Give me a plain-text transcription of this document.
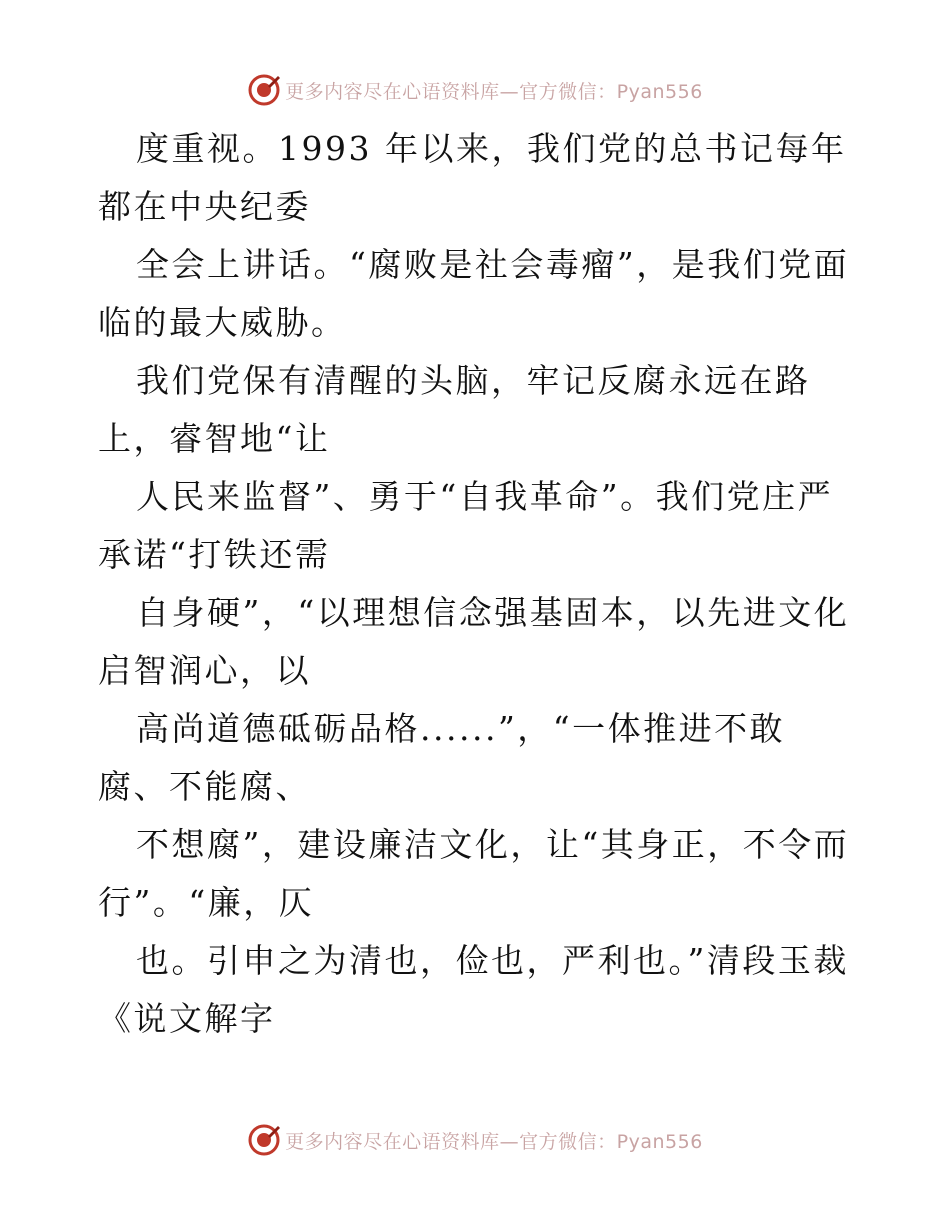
更多内容尽在心语资料库—官方微信：Pyan556

度重视。1993 年以来，我们党的总书记每年都在中央纪委

全会上讲话。“腐败是社会毒瘤”，是我们党面临的最大威胁。

我们党保有清醒的头脑，牢记反腐永远在路上，睿智地“让

人民来监督”、勇于“自我革命”。我们党庄严承诺“打铁还需

自身硬”，“以理想信念强基固本，以先进文化启智润心，以

高尚道德砥砺品格......”，“一体推进不敢腐、不能腐、

不想腐”，建设廉洁文化，让“其身正，不令而行”。“廉，仄

也。引申之为清也，俭也，严利也。”清段玉裁《说文解字

更多内容尽在心语资料库—官方微信：Pyan556
